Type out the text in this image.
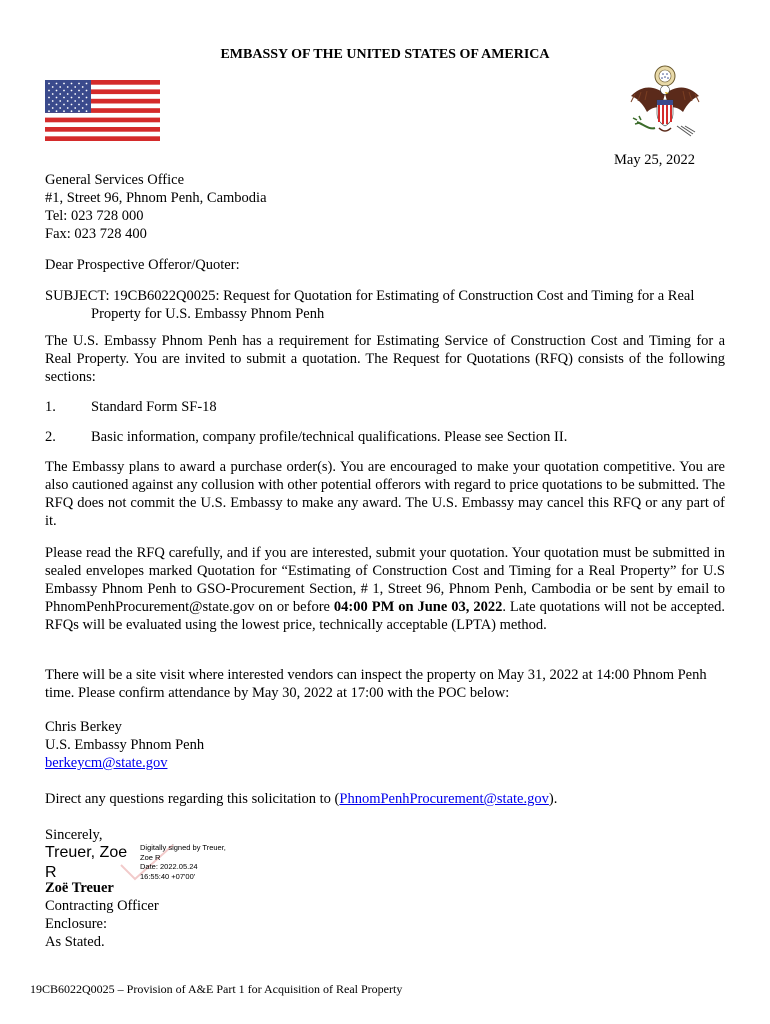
EMBASSY OF THE UNITED STATES OF AMERICA
May 25, 2022
General Services Office
#1, Street 96, Phnom Penh, Cambodia
Tel: 023 728 000
Fax: 023 728 400
Dear Prospective Offeror/Quoter:
SUBJECT: 19CB6022Q0025: Request for Quotation for Estimating of Construction Cost and Timing for a Real
Property for U.S. Embassy Phnom Penh
The U.S. Embassy Phnom Penh has a requirement for Estimating Service of Construction Cost and Timing for a Real Property. You are invited to submit a quotation. The Request for Quotations (RFQ) consists of the following sections:
1. Standard Form SF-18
2. Basic information, company profile/technical qualifications. Please see Section II.
The Embassy plans to award a purchase order(s). You are encouraged to make your quotation competitive. You are also cautioned against any collusion with other potential offerors with regard to price quotations to be submitted. The RFQ does not commit the U.S. Embassy to make any award. The U.S. Embassy may cancel this RFQ or any part of it.
Please read the RFQ carefully, and if you are interested, submit your quotation. Your quotation must be submitted in sealed envelopes marked Quotation for “Estimating of Construction Cost and Timing for a Real Property” for U.S Embassy Phnom Penh to GSO-Procurement Section, # 1, Street 96, Phnom Penh, Cambodia or be sent by email to PhnomPenhProcurement@state.gov on or before 04:00 PM on June 03, 2022. Late quotations will not be accepted. RFQs will be evaluated using the lowest price, technically acceptable (LPTA) method.
There will be a site visit where interested vendors can inspect the property on May 31, 2022 at 14:00 Phnom Penh time. Please confirm attendance by May 30, 2022 at 17:00 with the POC below:
Chris Berkey
U.S. Embassy Phnom Penh
berkeycm@state.gov
Direct any questions regarding this solicitation to (PhnomPenhProcurement@state.gov).
Sincerely,
Treuer, Zoe
R
Digitally signed by Treuer,
Zoe R
Date: 2022.05.24
16:55:40 +07'00'
Zoë Treuer
Contracting Officer
Enclosure:
As Stated.
19CB6022Q0025 – Provision of A&E Part 1 for Acquisition of Real Property
